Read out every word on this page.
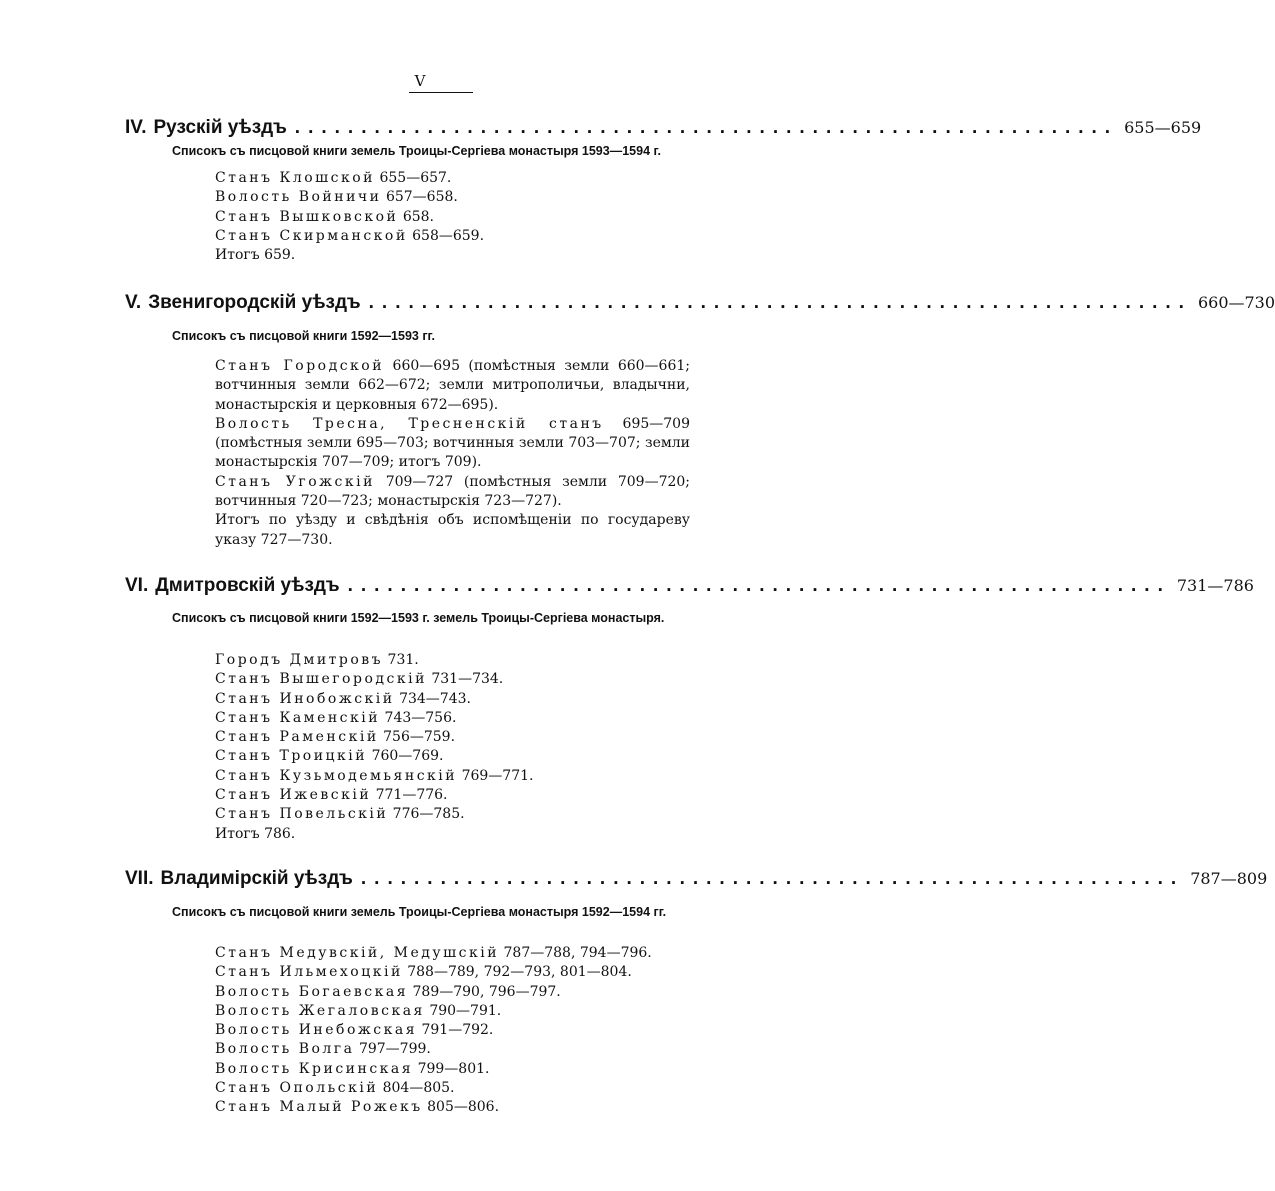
V
IV. Рузскій уѣздъ .............................................................. 655—659
Списокъ съ писцовой книги земель Троицы-Сергіева монастыря 1593—1594 г.
Станъ Клошской 655—657.
Волость Войничи 657—658.
Станъ Вышковской 658.
Станъ Скирманской 658—659.
Итогъ 659.
V. Звенигородскій уѣздъ .............................................................. 660—730
Списокъ съ писцовой книги 1592—1593 гг.
Станъ Городской 660—695 (помѣстныя земли 660—661; вотчинныя земли 662—672; земли митрополичьи, владычни, монастырскія и церковныя 672—695).
Волость Тресна, Тресненскій станъ 695—709 (помѣстныя земли 695—703; вотчинныя земли 703—707; земли монастырскія 707—709; итогъ 709).
Станъ Угожскій 709—727 (помѣстныя земли 709—720; вотчинныя 720—723; монастырскія 723—727).
Итогъ по уѣзду и свѣдѣнія объ испомѣщеніи по государеву указу 727—730.
VI. Дмитровскій уѣздъ .............................................................. 731—786
Списокъ съ писцовой книги 1592—1593 г. земель Троицы-Сергіева монастыря.
Городъ Дмитровъ 731.
Станъ Вышегородскій 731—734.
Станъ Инобожскій 734—743.
Станъ Каменскій 743—756.
Станъ Раменскій 756—759.
Станъ Троицкій 760—769.
Станъ Кузьмодемьянскій 769—771.
Станъ Ижевскій 771—776.
Станъ Повельскій 776—785.
Итогъ 786.
VII. Владимірскій уѣздъ .............................................................. 787—809
Списокъ съ писцовой книги земель Троицы-Сергіева монастыря 1592—1594 гг.
Станъ Медувскій, Медушскій 787—788, 794—796.
Станъ Ильмехоцкій 788—789, 792—793, 801—804.
Волость Богаевская 789—790, 796—797.
Волость Жегаловская 790—791.
Волость Инебожская 791—792.
Волость Волга 797—799.
Волость Крисинская 799—801.
Станъ Опольскій 804—805.
Станъ Малый Рожекъ 805—806.
